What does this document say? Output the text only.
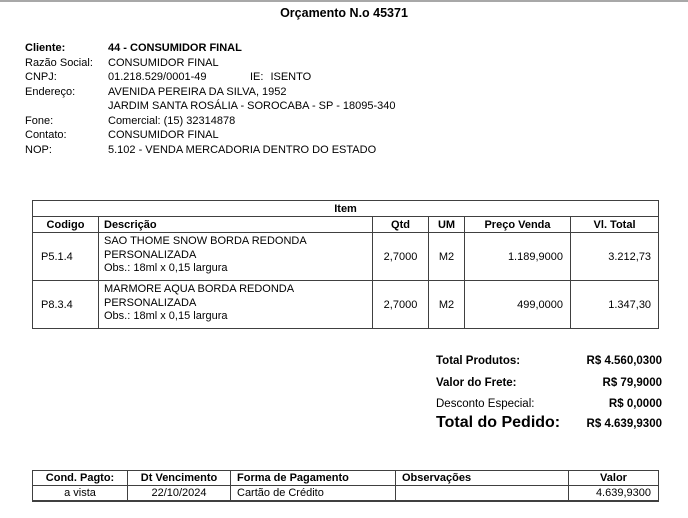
Orçamento N.o 45371
Cliente:	44 - CONSUMIDOR FINAL
Razão Social:	CONSUMIDOR FINAL
CNPJ:	01.218.529/0001-49	IE: ISENTO
Endereço:	AVENIDA PEREIRA DA SILVA, 1952
JARDIM SANTA ROSÁLIA - SOROCABA - SP - 18095-340
Fone:	Comercial: (15) 32314878
Contato:	CONSUMIDOR FINAL
NOP:	5.102 - VENDA MERCADORIA DENTRO DO ESTADO
Item					
Codigo	Descrição	Qtd	UM	Preço Venda	Vl. Total
P5.1.4	SAO THOME SNOW BORDA REDONDA
PERSONALIZADA
Obs.: 18ml x 0,15 largura	2,7000	M2	1.189,9000	3.212,73
P8.3.4	MARMORE AQUA BORDA REDONDA
PERSONALIZADA
Obs.: 18ml x 0,15 largura	2,7000	M2	499,0000	1.347,30
Total Produtos:	R$ 4.560,0300
Valor do Frete:	R$ 79,9000
Desconto Especial:	R$ 0,0000
Total do Pedido: R$ 4.639,9300
Cond. Pagto:	Dt Vencimento	Forma de Pagamento	Observações	Valor
a vista	22/10/2024	Cartão de Crédito		4.639,9300
